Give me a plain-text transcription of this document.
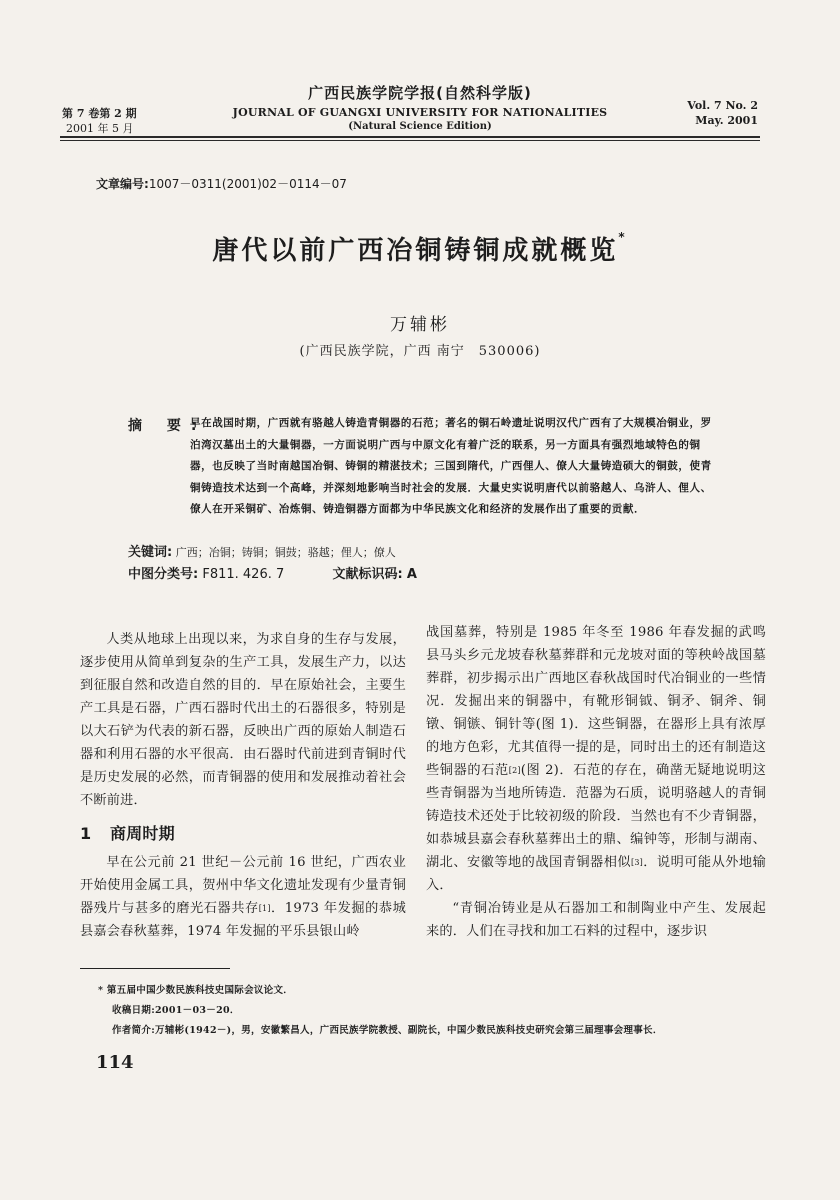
第 7 卷第 2 期
2001 年 5 月
广西民族学院学报(自然科学版)
JOURNAL OF GUANGXI UNIVERSITY FOR NATIONALITIES
(Natural Science Edition)
Vol. 7 No. 2
May. 2001
文章编号:1007－0311(2001)02－0114－07
唐代以前广西冶铜铸铜成就概览*
万辅彬
(广西民族学院，广西 南宁　530006)
摘 要:
早在战国时期，广西就有骆越人铸造青铜器的石范；著名的铜石岭遗址说明汉代广西有了大规模冶铜业，罗泊湾汉墓出土的大量铜器，一方面说明广西与中原文化有着广泛的联系，另一方面具有强烈地域特色的铜器，也反映了当时南越国冶铜、铸铜的精湛技术；三国到隋代，广西俚人、僚人大量铸造硕大的铜鼓，使青铜铸造技术达到一个高峰，并深刻地影响当时社会的发展．大量史实说明唐代以前骆越人、乌浒人、俚人、僚人在开采铜矿、冶炼铜、铸造铜器方面都为中华民族文化和经济的发展作出了重要的贡献．
关键词: 广西；冶铜；铸铜；铜鼓；骆越；俚人；僚人
中图分类号: F811. 426. 7	文献标识码: A

人类从地球上出现以来，为求自身的生存与发展，逐步使用从简单到复杂的生产工具，发展生产力，以达到征服自然和改造自然的目的．早在原始社会，主要生产工具是石器，广西石器时代出土的石器很多，特别是以大石铲为代表的新石器，反映出广西的原始人制造石器和利用石器的水平很高．由石器时代前进到青铜时代是历史发展的必然，而青铜器的使用和发展推动着社会不断前进．

1 商周时期

早在公元前 21 世纪－公元前 16 世纪，广西农业开始使用金属工具，贺州中华文化遗址发现有少量青铜器残片与甚多的磨光石器共存[1]．1973 年发掘的恭城县嘉会春秋墓葬，1974 年发掘的平乐县银山岭

战国墓葬，特别是 1985 年冬至 1986 年春发掘的武鸣县马头乡元龙坡春秋墓葬群和元龙坡对面的等秧岭战国墓葬群，初步揭示出广西地区春秋战国时代冶铜业的一些情况．发掘出来的铜器中，有靴形铜钺、铜矛、铜斧、铜镦、铜镞、铜针等(图 1)．这些铜器，在器形上具有浓厚的地方色彩，尤其值得一提的是，同时出土的还有制造这些铜器的石范[2](图 2)．石范的存在，确凿无疑地说明这些青铜器为当地所铸造．范器为石质，说明骆越人的青铜铸造技术还处于比较初级的阶段．当然也有不少青铜器，如恭城县嘉会春秋墓葬出土的鼎、编钟等，形制与湖南、湖北、安徽等地的战国青铜器相似[3]．说明可能从外地输入．

“青铜冶铸业是从石器加工和制陶业中产生、发展起来的．人们在寻找和加工石料的过程中，逐步识

* 第五届中国少数民族科技史国际会议论文．
收稿日期:2001－03－20．
作者简介:万辅彬(1942－)，男，安徽繁昌人，广西民族学院教授、副院长，中国少数民族科技史研究会第三届理事会理事长．
114
